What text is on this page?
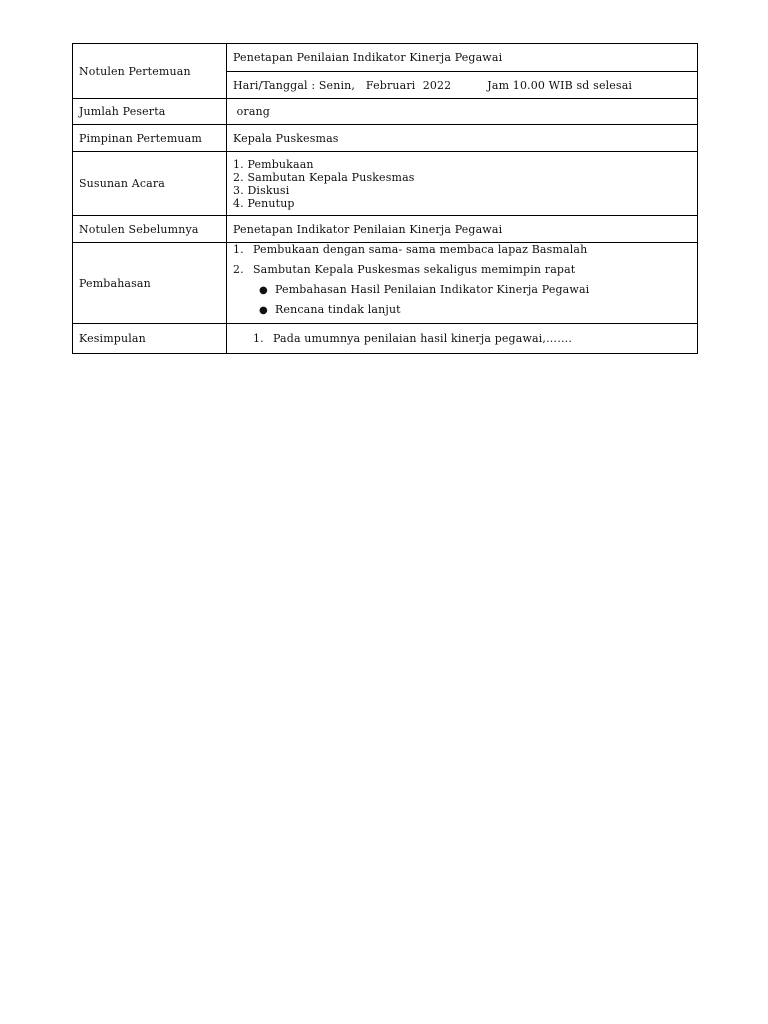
Notulen Pertemuan	Penetapan Penilaian Indikator Kinerja Pegawai
	Hari/Tanggal : Senin,   Februari  2022 Jam 10.00 WIB sd selesai
Jumlah Peserta	orang
Pimpinan Pertemuam	Kepala Puskesmas
Susunan Acara	1. Pembukaan
2. Sambutan Kepala Puskesmas
3. Diskusi
4. Penutup

Notulen Sebelumnya	Penetapan Indikator Penilaian Kinerja Pegawai
Pembahasan	1. Pembukaan dengan sama- sama membaca lapaz Basmalah
2. Sambutan Kepala Puskesmas sekaligus memimpin rapat
● Pembahasan Hasil Penilaian Indikator Kinerja Pegawai
● Rencana tindak lanjut

Kesimpulan	1. Pada umumnya penilaian hasil kinerja pegawai,…….
